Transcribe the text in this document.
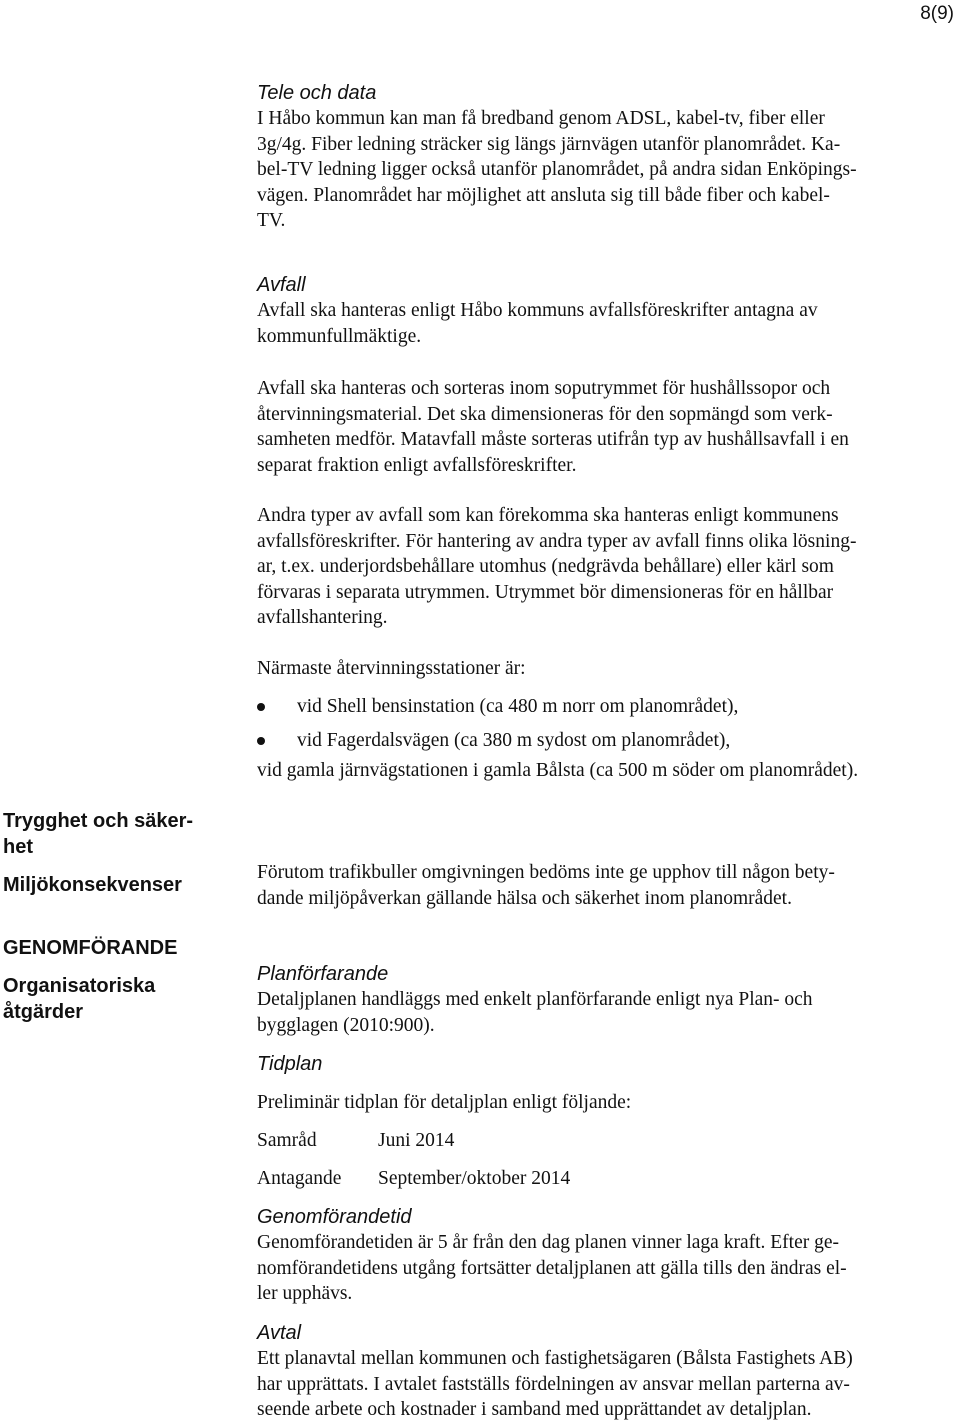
8(9)
Tele och data
I Håbo kommun kan man få bredband genom ADSL, kabel-tv, fiber eller
3g/4g. Fiber ledning sträcker sig längs järnvägen utanför planområdet. Ka-
bel-TV ledning ligger också utanför planområdet, på andra sidan Enköpings-
vägen. Planområdet har möjlighet att ansluta sig till både fiber och kabel-
TV.
Avfall
Avfall ska hanteras enligt Håbo kommuns avfallsföreskrifter antagna av
kommunfullmäktige.
Avfall ska hanteras och sorteras inom soputrymmet för hushållssopor och
återvinningsmaterial. Det ska dimensioneras för den sopmängd som verk-
samheten medför. Matavfall måste sorteras utifrån typ av hushållsavfall i en
separat fraktion enligt avfallsföreskrifter.
Andra typer av avfall som kan förekomma ska hanteras enligt kommunens
avfallsföreskrifter. För hantering av andra typer av avfall finns olika lösning-
ar, t.ex. underjordsbehållare utomhus (nedgrävda behållare) eller kärl som
förvaras i separata utrymmen. Utrymmet bör dimensioneras för en hållbar
avfallshantering.
Närmaste återvinningsstationer är:
vid Shell bensinstation (ca 480 m norr om planområdet),
vid Fagerdalsvägen (ca 380 m sydost om planområdet),
vid gamla järnvägstationen i gamla Bålsta (ca 500 m söder om planområdet).
Trygghet och säker-
het
Miljökonsekvenser
GENOMFÖRANDE
Organisatoriska åtgärder
Förutom trafikbuller omgivningen bedöms inte ge upphov till någon bety-
dande miljöpåverkan gällande hälsa och säkerhet inom planområdet.
Planförfarande
Detaljplanen handläggs med enkelt planförfarande enligt nya Plan- och
bygglagen (2010:900).
Tidplan
Preliminär tidplan för detaljplan enligt följande:
Samråd	Juni 2014
Antagande	September/oktober 2014
Genomförandetid
Genomförandetiden är 5 år från den dag planen vinner laga kraft. Efter ge-
nomförandetidens utgång fortsätter detaljplanen att gälla tills den ändras el-
ler upphävs.
Avtal
Ett planavtal mellan kommunen och fastighetsägaren (Bålsta Fastighets AB)
har upprättats. I avtalet fastställs fördelningen av ansvar mellan parterna av-
seende arbete och kostnader i samband med upprättandet av detaljplan.
